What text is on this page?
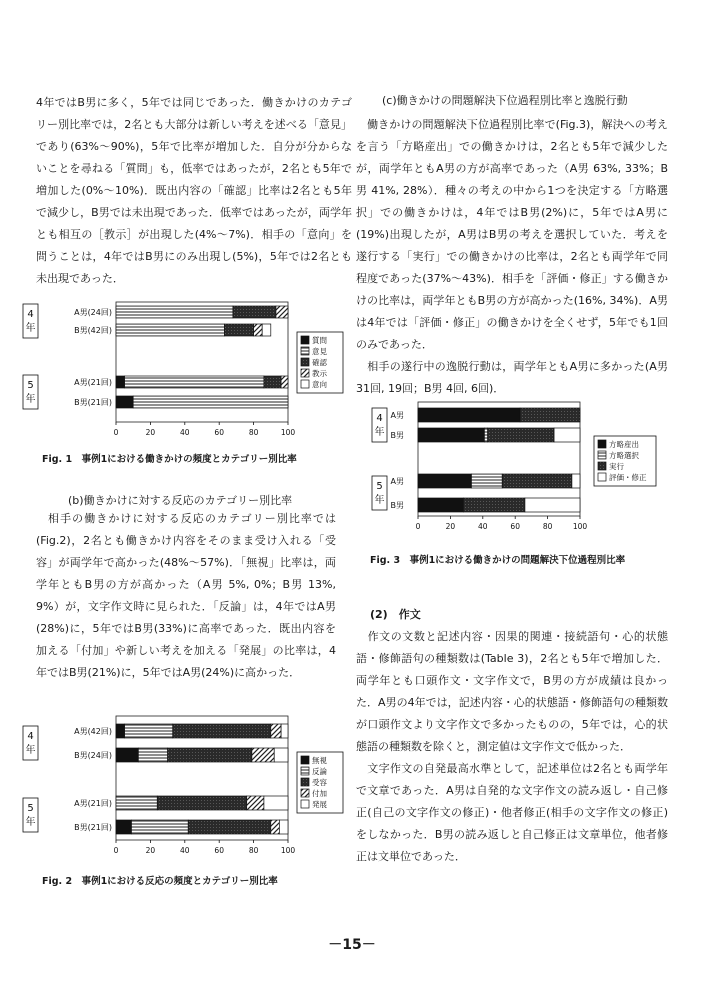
4年ではB男に多く，5年では同じであった．働きかけのカテゴリー別比率では，2名とも大部分は新しい考えを述べる「意見」であり(63%〜90%)，5年で比率が増加した．自分が分からないことを尋ねる「質問」も，低率ではあったが，2名とも5年で増加した(0%〜10%)．既出内容の「確認」比率は2名とも5年で減少し，B男では未出現であった．低率ではあったが，両学年とも相互の［教示］が出現した(4%〜7%)．相手の「意向」を問うことは，4年ではB男にのみ出現し(5%)，5年では2名とも未出現であった．

A男(24回)
B男(42回)
A男(21回)
B男(21回)
4
年
5
年
0	20	40	60	80	100
質問
意見
確認
教示
意向
Fig. 1　事例1における働きかけの頻度とカテゴリー別比率
(b)働きかけに対する反応のカテゴリー別比率

　相手の働きかけに対する反応のカテゴリー別比率では(Fig.2)，2名とも働きかけ内容をそのまま受け入れる「受容」が両学年で高かった(48%〜57%)．「無視」比率は，両学年ともB男の方が高かった（A男 5%, 0%；B男 13%, 9%）が，文字作文時に見られた．「反論」は，4年ではA男(28%)に，5年ではB男(33%)に高率であった．既出内容を加える「付加」や新しい考えを加える「発展」の比率は，4年ではB男(21%)に，5年ではA男(24%)に高かった．

A男(42回)
B男(24回)
A男(21回)
B男(21回)
4
年
5
年
0	20	40	60	80	100
無視
反論
受容
付加
発展
Fig. 2　事例1における反応の頻度とカテゴリー別比率
(c)働きかけの問題解決下位過程別比率と逸脱行動

　働きかけの問題解決下位過程別比率で(Fig.3)，解決への考えを言う「方略産出」での働きかけは，2名とも5年で減少したが，両学年ともA男の方が高率であった（A男 63%, 33%；B男 41%, 28%）．種々の考えの中から1つを決定する「方略選択」での働きかけは，4年ではB男(2%)に，5年ではA男に(19%)出現したが，A男はB男の考えを選択していた．考えを遂行する「実行」での働きかけの比率は，2名とも両学年で同程度であった(37%〜43%)．相手を「評価・修正」する働きかけの比率は，両学年ともB男の方が高かった(16%, 34%)．A男は4年では「評価・修正」の働きかけを全くせず，5年でも1回のみであった．

　相手の遂行中の逸脱行動は，両学年ともA男に多かった(A男 31回, 19回；B男 4回, 6回)．

A男
B男
A男
B男
4
年
5
年
0	20	40	60	80	100
方略産出
方略選択
実行
評価・修正
Fig. 3　事例1における働きかけの問題解決下位過程別比率
(2)　作文

　作文の文数と記述内容・因果的関連・接続語句・心的状態語・修飾語句の種類数は(Table 3)，2名とも5年で増加した．両学年とも口頭作文・文字作文で，B男の方が成績は良かった．A男の4年では，記述内容・心的状態語・修飾語句の種類数が口頭作文より文字作文で多かったものの，5年では，心的状態語の種類数を除くと，測定値は文字作文で低かった．

　文字作文の自発最高水準として，記述単位は2名とも両学年で文章であった．A男は自発的な文字作文の読み返し・自己修正(自己の文字作文の修正)・他者修正(相手の文字作文の修正)をしなかった．B男の読み返しと自己修正は文章単位，他者修正は文単位であった．

－15－
